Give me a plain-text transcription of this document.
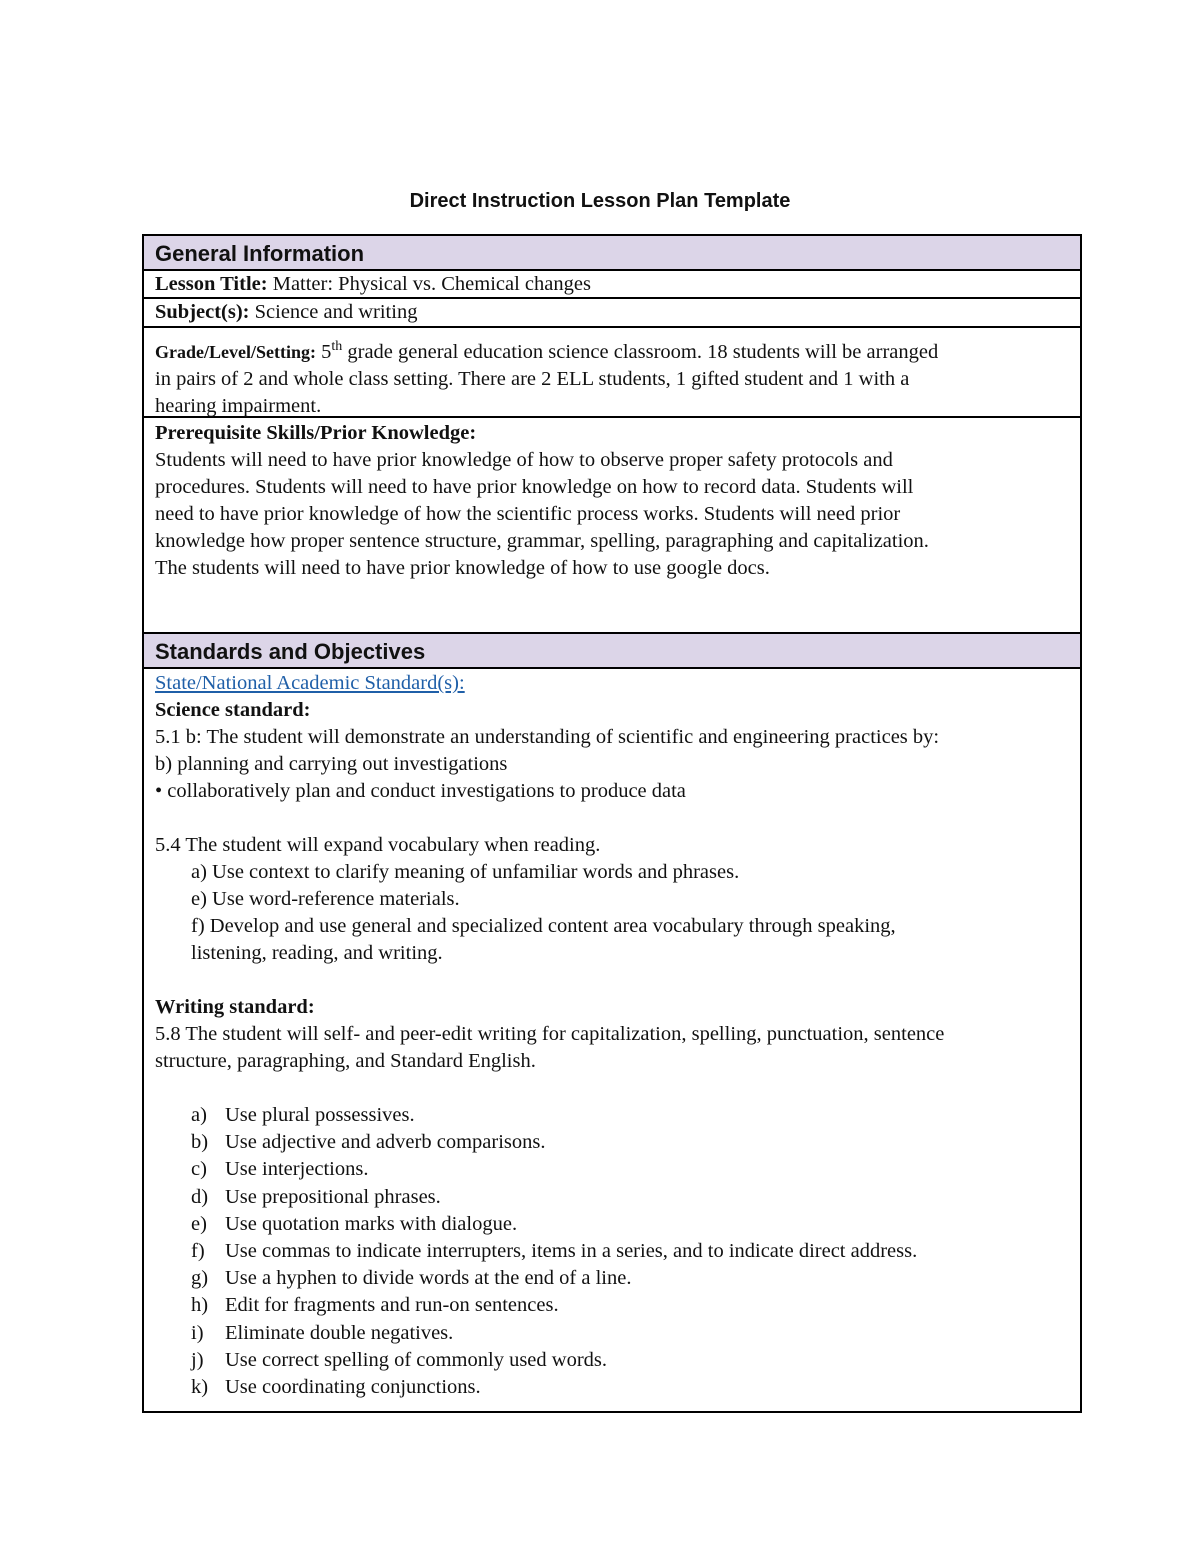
Direct Instruction Lesson Plan Template
General Information
Lesson Title: Matter: Physical vs. Chemical changes
Subject(s): Science and writing
Grade/Level/Setting: 5th grade general education science classroom. 18 students will be arranged
in pairs of 2 and whole class setting. There are 2 ELL students, 1 gifted student and 1 with a
hearing impairment.
Prerequisite Skills/Prior Knowledge:
Students will need to have prior knowledge of how to observe proper safety protocols and
procedures. Students will need to have prior knowledge on how to record data. Students will
need to have prior knowledge of how the scientific process works. Students will need prior
knowledge how proper sentence structure, grammar, spelling, paragraphing and capitalization.
The students will need to have prior knowledge of how to use google docs.
Standards and Objectives
State/National Academic Standard(s):
Science standard:
5.1 b: The student will demonstrate an understanding of scientific and engineering practices by:
b) planning and carrying out investigations
• collaboratively plan and conduct investigations to produce data
5.4 The student will expand vocabulary when reading.
a) Use context to clarify meaning of unfamiliar words and phrases.
e) Use word-reference materials.
f) Develop and use general and specialized content area vocabulary through speaking,
listening, reading, and writing.
Writing standard:
5.8 The student will self- and peer-edit writing for capitalization, spelling, punctuation, sentence
structure, paragraphing, and Standard English.
a) Use plural possessives.
b) Use adjective and adverb comparisons.
c) Use interjections.
d) Use prepositional phrases.
e) Use quotation marks with dialogue.
f) Use commas to indicate interrupters, items in a series, and to indicate direct address.
g) Use a hyphen to divide words at the end of a line.
h) Edit for fragments and run-on sentences.
i)	Eliminate double negatives.
j)	Use correct spelling of commonly used words.
k) Use coordinating conjunctions.
